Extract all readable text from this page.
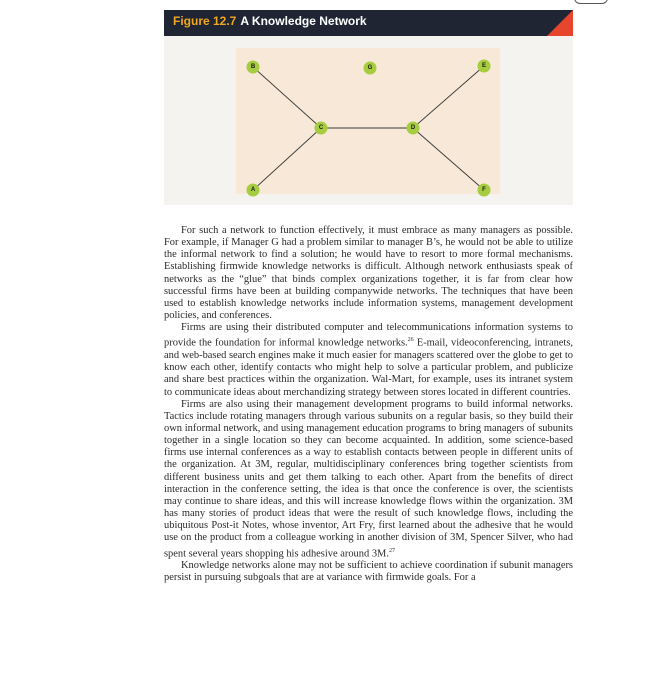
Figure 12.7 A Knowledge Network
B	G	E
C	D
A	F

For such a network to function effectively, it must embrace as many managers as possible. For example, if Manager G had a problem similar to manager B’s, he would not be able to utilize the informal network to find a solution; he would have to resort to more formal mechanisms. Establishing firmwide knowledge networks is difficult. Although network enthusiasts speak of networks as the “glue” that binds complex organizations together, it is far from clear how successful firms have been at building companywide networks. The techniques that have been used to establish knowledge networks include information systems, management development policies, and conferences.

Firms are using their distributed computer and telecommunications information systems to provide the foundation for informal knowledge networks.$^{26}$ E-mail, videoconferencing, intranets, and web-based search engines make it much easier for managers scattered over the globe to get to know each other, identify contacts who might help to solve a particular problem, and publicize and share best practices within the organization. Wal-Mart, for example, uses its intranet system to communicate ideas about merchandizing strategy between stores located in different countries.

Firms are also using their management development programs to build informal networks. Tactics include rotating managers through various subunits on a regular basis, so they build their own informal network, and using management education programs to bring managers of subunits together in a single location so they can become acquainted. In addition, some science-based firms use internal conferences as a way to establish contacts between people in different units of the organization. At 3M, regular, multidisciplinary conferences bring together scientists from different business units and get them talking to each other. Apart from the benefits of direct interaction in the conference setting, the idea is that once the conference is over, the scientists may continue to share ideas, and this will increase knowledge flows within the organization. 3M has many stories of product ideas that were the result of such knowledge flows, including the ubiquitous Post-it Notes, whose inventor, Art Fry, first learned about the adhesive that he would use on the product from a colleague working in another division of 3M, Spencer Silver, who had spent several years shopping his adhesive around 3M.$^{27}$

Knowledge networks alone may not be sufficient to achieve coordination if subunit managers persist in pursuing subgoals that are at variance with firmwide goals. For a
